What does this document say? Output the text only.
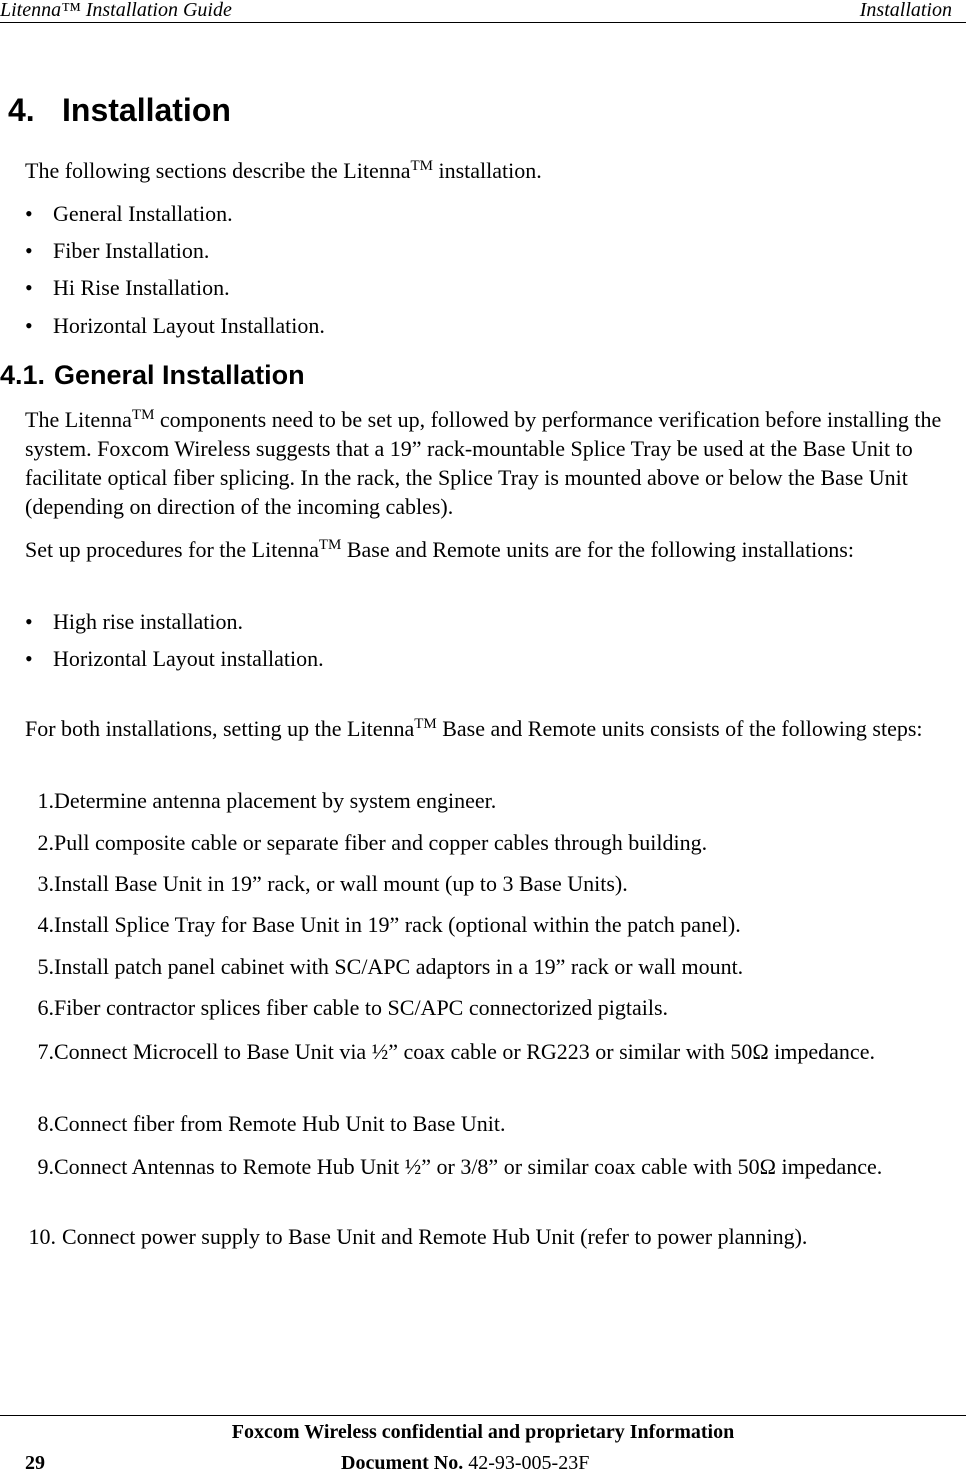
Litenna™ Installation Guide	Installation
4. Installation
The following sections describe the Litenna™ installation.
• General Installation.
• Fiber Installation.
• Hi Rise Installation.
• Horizontal Layout Installation.
4.1. General Installation
The Litenna™ components need to be set up, followed by performance verification before installing the system. Foxcom Wireless suggests that a 19” rack-mountable Splice Tray be used at the Base Unit to facilitate optical fiber splicing. In the rack, the Splice Tray is mounted above or below the Base Unit (depending on direction of the incoming cables).
Set up procedures for the Litenna™ Base and Remote units are for the following installations:
• High rise installation.
• Horizontal Layout installation.
For both installations, setting up the Litenna™ Base and Remote units consists of the following steps:
1. Determine antenna placement by system engineer.
2. Pull composite cable or separate fiber and copper cables through building.
3. Install Base Unit in 19” rack, or wall mount (up to 3 Base Units).
4. Install Splice Tray for Base Unit in 19” rack (optional within the patch panel).
5. Install patch panel cabinet with SC/APC adaptors in a 19” rack or wall mount.
6. Fiber contractor splices fiber cable to SC/APC connectorized pigtails.
7. Connect Microcell to Base Unit via ½” coax cable or RG223 or similar with 50Ω impedance.
8. Connect fiber from Remote Hub Unit to Base Unit.
9. Connect Antennas to Remote Hub Unit ½” or 3/8” or similar coax cable with 50Ω impedance.
10. Connect power supply to Base Unit and Remote Hub Unit (refer to power planning).
Foxcom Wireless confidential and proprietary Information
29	Document No. 42-93-005-23F
